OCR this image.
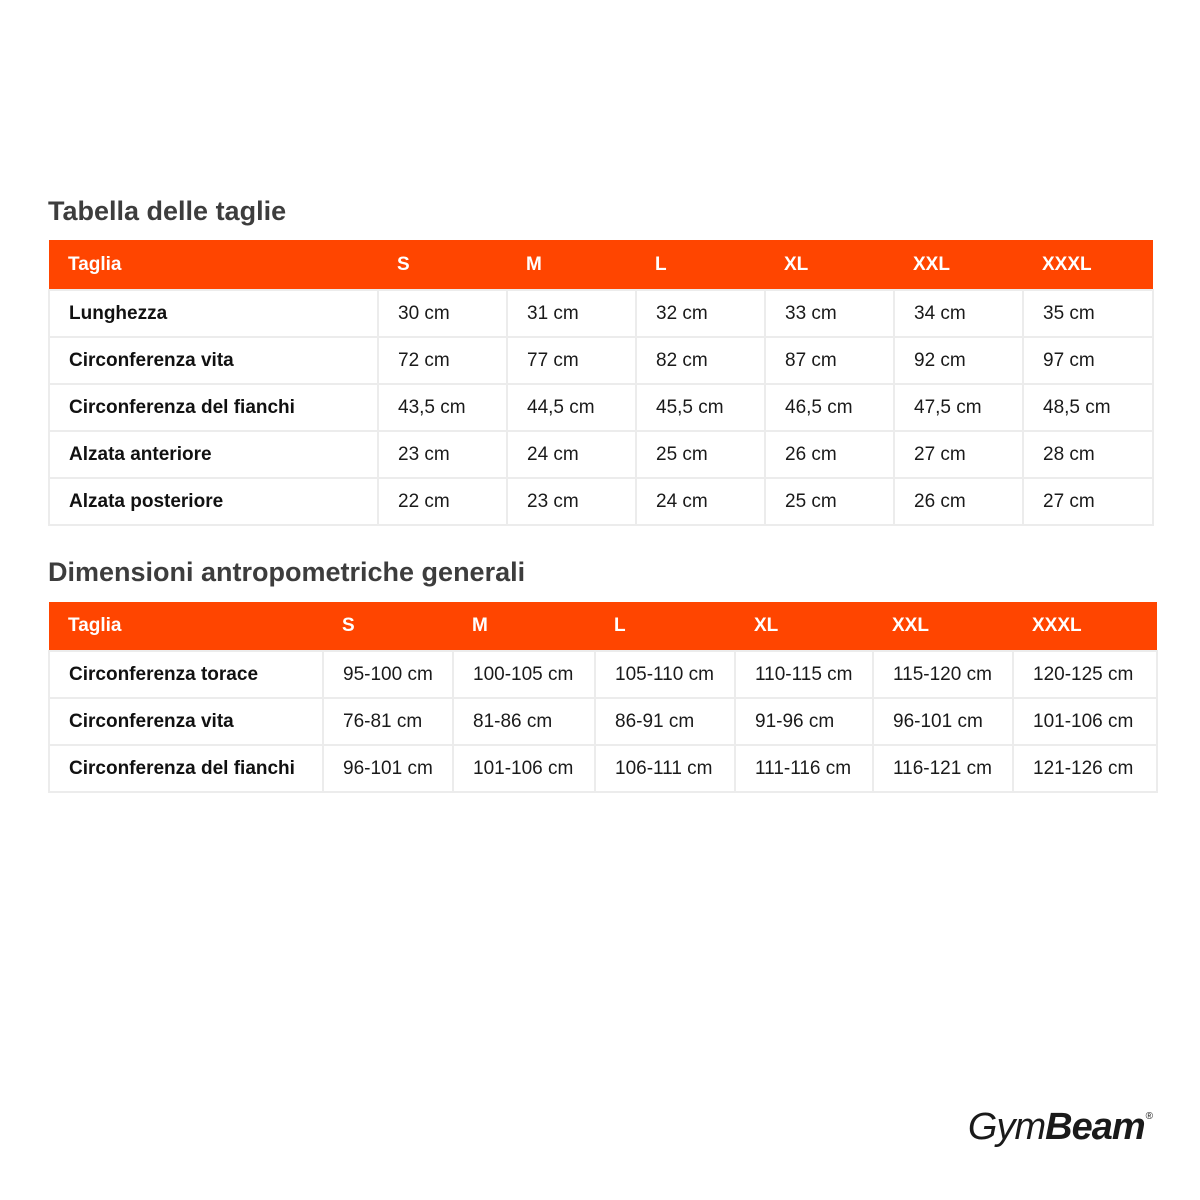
Tabella delle taglie
Taglia	S	M	L	XL	XXL	XXXL
Lunghezza	30 cm	31 cm	32 cm	33 cm	34 cm	35 cm
Circonferenza vita	72 cm	77 cm	82 cm	87 cm	92 cm	97 cm
Circonferenza del fianchi	43,5 cm	44,5 cm	45,5 cm	46,5 cm	47,5 cm	48,5 cm
Alzata anteriore	23 cm	24 cm	25 cm	26 cm	27 cm	28 cm
Alzata posteriore	22 cm	23 cm	24 cm	25 cm	26 cm	27 cm
Dimensioni antropometriche generali
Taglia	S	M	L	XL	XXL	XXXL
Circonferenza torace	95-100 cm	100-105 cm	105-110 cm	110-115 cm	115-120 cm	120-125 cm
Circonferenza vita	76-81 cm	81-86 cm	86-91 cm	91-96 cm	96-101 cm	101-106 cm
Circonferenza del fianchi	96-101 cm	101-106 cm	106-111 cm	111-116 cm	116-121 cm	121-126 cm
GymBeam®
